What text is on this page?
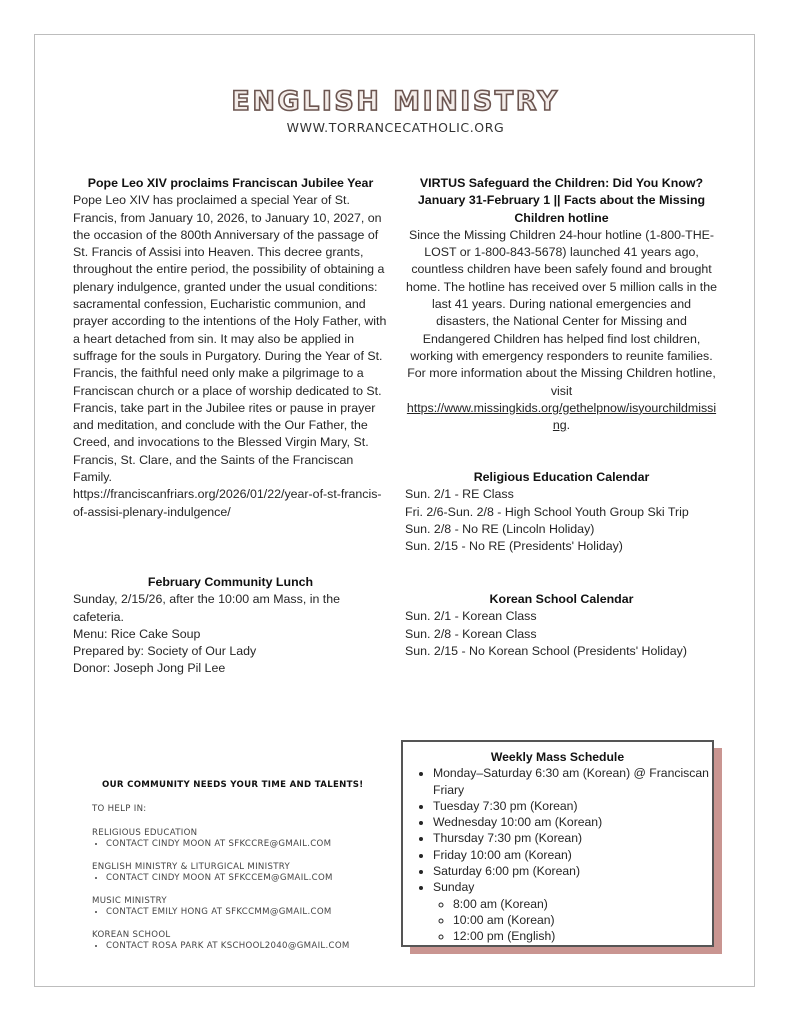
ENGLISH MINISTRY
WWW.TORRANCECATHOLIC.ORG
Pope Leo XIV proclaims Franciscan Jubilee Year
Pope Leo XIV has proclaimed a special Year of St. Francis, from January 10, 2026, to January 10, 2027, on the occasion of the 800th Anniversary of the passage of St. Francis of Assisi into Heaven. This decree grants, throughout the entire period, the possibility of obtaining a plenary indulgence, granted under the usual conditions: sacramental confession, Eucharistic communion, and prayer according to the intentions of the Holy Father, with a heart detached from sin. It may also be applied in suffrage for the souls in Purgatory. During the Year of St. Francis, the faithful need only make a pilgrimage to a Franciscan church or a place of worship dedicated to St. Francis, take part in the Jubilee rites or pause in prayer and meditation, and conclude with the Our Father, the Creed, and invocations to the Blessed Virgin Mary, St. Francis, St. Clare, and the Saints of the Franciscan Family.
https://franciscanfriars.org/2026/01/22/year-of-st-francis-of-assisi-plenary-indulgence/
February Community Lunch
Sunday, 2/15/26, after the 10:00 am Mass, in the cafeteria.
Menu: Rice Cake Soup
Prepared by: Society of Our Lady
Donor: Joseph Jong Pil Lee
VIRTUS Safeguard the Children: Did You Know?
January 31-February 1 || Facts about the Missing Children hotline
Since the Missing Children 24-hour hotline (1-800-THE-LOST or 1-800-843-5678) launched 41 years ago, countless children have been safely found and brought home. The hotline has received over 5 million calls in the last 41 years. During national emergencies and disasters, the National Center for Missing and Endangered Children has helped find lost children, working with emergency responders to reunite families. For more information about the Missing Children hotline, visit
https://www.missingkids.org/gethelpnow/isyourchildmissing.
Religious Education Calendar
Sun. 2/1 - RE Class
Fri. 2/6-Sun. 2/8 - High School Youth Group Ski Trip
Sun. 2/8 - No RE (Lincoln Holiday)
Sun. 2/15 - No RE (Presidents' Holiday)
Korean School Calendar
Sun. 2/1 - Korean Class
Sun. 2/8 - Korean Class
Sun. 2/15 - No Korean School (Presidents' Holiday)
OUR COMMUNITY NEEDS YOUR TIME AND TALENTS!
TO HELP IN:
RELIGIOUS EDUCATION
• CONTACT CINDY MOON AT SFKCCRE@GMAIL.COM
ENGLISH MINISTRY & LITURGICAL MINISTRY
• CONTACT CINDY MOON AT SFKCCEM@GMAIL.COM
MUSIC MINISTRY
• CONTACT EMILY HONG AT SFKCCMM@GMAIL.COM
KOREAN SCHOOL
• CONTACT ROSA PARK AT KSCHOOL2040@GMAIL.COM
Weekly Mass Schedule
• Monday–Saturday 6:30 am (Korean) @ Franciscan Friary
• Tuesday 7:30 pm (Korean)
• Wednesday 10:00 am (Korean)
• Thursday 7:30 pm (Korean)
• Friday 10:00 am (Korean)
• Saturday 6:00 pm (Korean)
• Sunday
◦ 8:00 am (Korean)
◦ 10:00 am (Korean)
◦ 12:00 pm (English)
